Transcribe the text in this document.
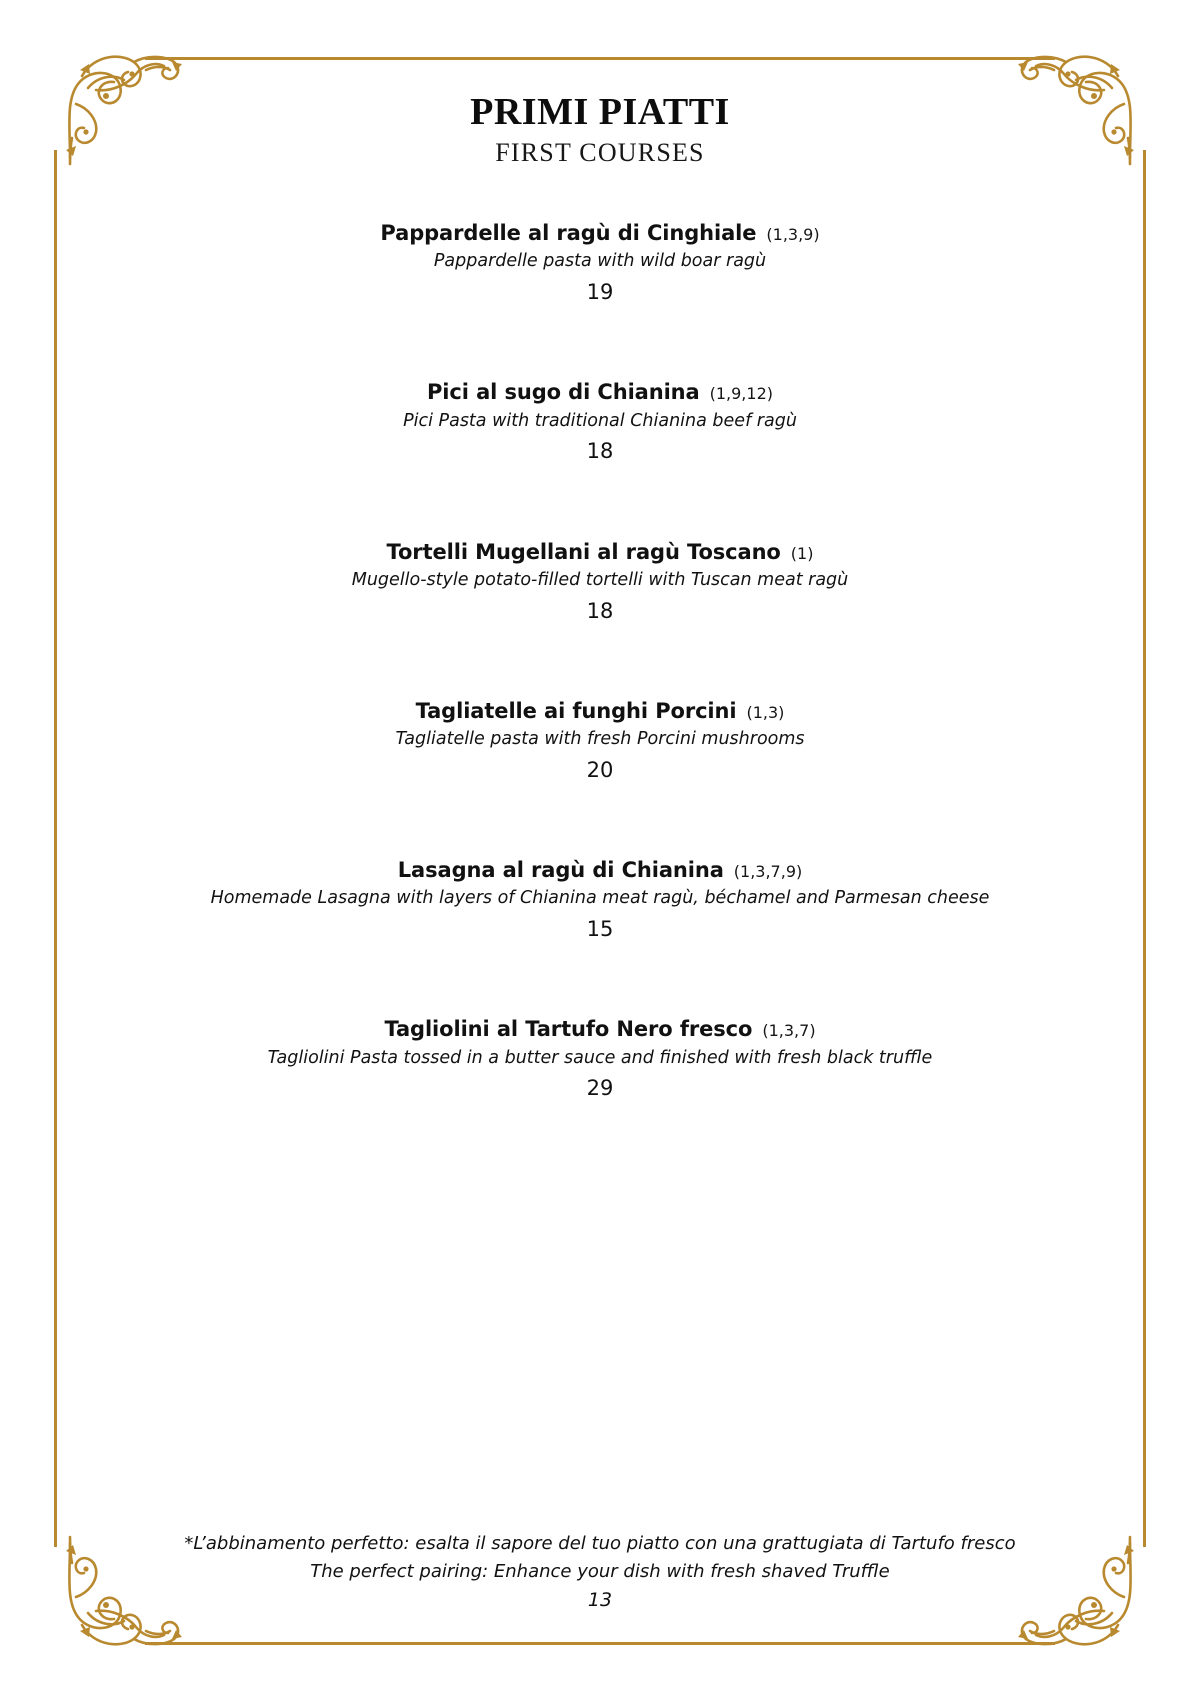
PRIMI PIATTI
FIRST COURSES
Pappardelle al ragù di Cinghiale (1,3,9)
Pappardelle pasta with wild boar ragù
19
Pici al sugo di Chianina (1,9,12)
Pici Pasta with traditional Chianina beef ragù
18
Tortelli Mugellani al ragù Toscano (1)
Mugello-style potato-filled tortelli with Tuscan meat ragù
18
Tagliatelle ai funghi Porcini (1,3)
Tagliatelle pasta with fresh Porcini mushrooms
20
Lasagna al ragù di Chianina (1,3,7,9)
Homemade Lasagna with layers of Chianina meat ragù, béchamel and Parmesan cheese
15
Tagliolini al Tartufo Nero fresco (1,3,7)
Tagliolini Pasta tossed in a butter sauce and finished with fresh black truffle
29
*L’abbinamento perfetto: esalta il sapore del tuo piatto con una grattugiata di Tartufo fresco
The perfect pairing: Enhance your dish with fresh shaved Truffle
13
